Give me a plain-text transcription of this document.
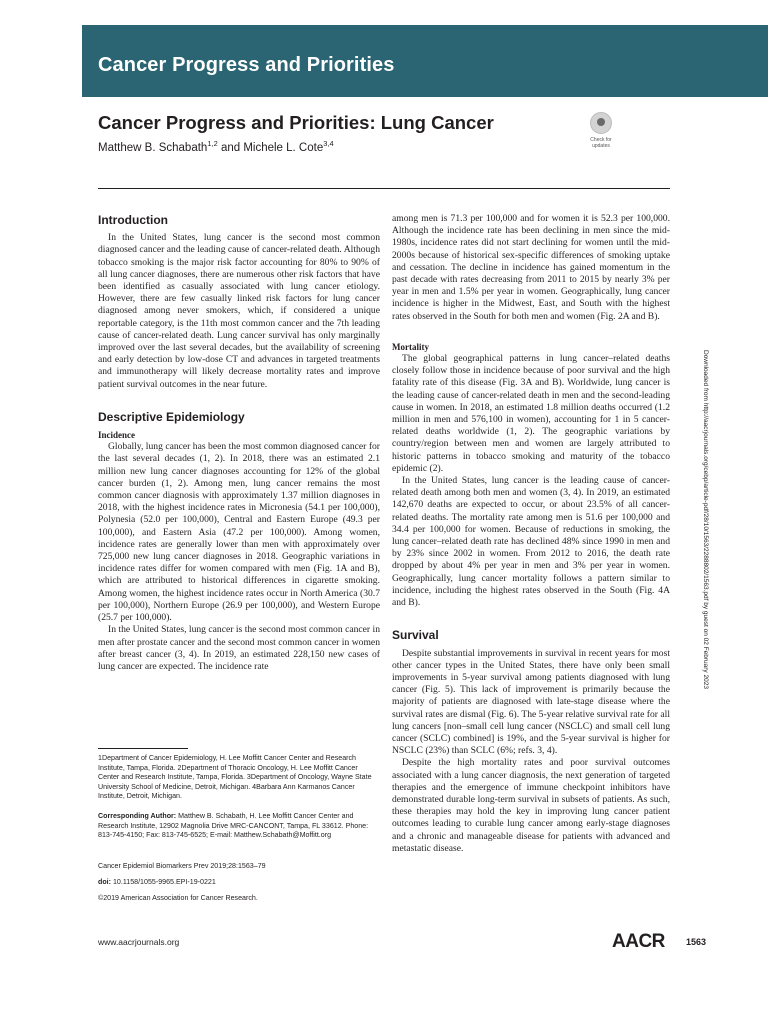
Cancer Progress and Priorities
Cancer Progress and Priorities: Lung Cancer
Matthew B. Schabath$^{1,2}$ and Michele L. Cote$^{3,4}$	Check for
updates
Introduction

In the United States, lung cancer is the second most common diagnosed cancer and the leading cause of cancer-related death. Although tobacco smoking is the major risk factor accounting for 80% to 90% of all lung cancer diagnoses, there are numerous other risk factors that have been identified as casually associated with lung cancer etiology. However, there are few casually linked risk factors for lung cancer diagnosed among never smokers, which, if considered a unique reportable category, is the 11th most common cancer and the 7th leading cause of cancer-related death. Lung cancer survival has only marginally improved over the last several decades, but the availability of screening and early detection by low-dose CT and advances in targeted treatments and immunotherapy will likely decrease mortality rates and improve patient survival outcomes in the near future.

Descriptive Epidemiology
Incidence

Globally, lung cancer has been the most common diagnosed cancer for the last several decades (1, 2). In 2018, there was an estimated 2.1 million new lung cancer diagnoses accounting for 12% of the global cancer burden (1, 2). Among men, lung cancer remains the most common cancer diagnosis with approximately 1.37 million diagnoses in 2018, with the highest incidence rates in Micronesia (54.1 per 100,000), Polynesia (52.0 per 100,000), Central and Eastern Europe (49.3 per 100,000), and Eastern Asia (47.2 per 100,000). Among women, incidence rates are generally lower than men with approximately over 725,000 new lung cancer diagnoses in 2018. Geographic variations in incidence rates differ for women compared with men (Fig. 1A and B), which are attributed to historical differences in cigarette smoking. Among women, the highest incidence rates occur in North America (30.7 per 100,000), Northern Europe (26.9 per 100,000), and Western Europe (25.7 per 100,000).

In the United States, lung cancer is the second most common cancer in men after prostate cancer and the second most common cancer in women after breast cancer (3, 4). In 2019, an estimated 228,150 new cases of lung cancer are expected. The incidence rate

1Department of Cancer Epidemiology, H. Lee Moffitt Cancer Center and Research Institute, Tampa, Florida. 2Department of Thoracic Oncology, H. Lee Moffitt Cancer Center and Research Institute, Tampa, Florida. 3Department of Oncology, Wayne State University School of Medicine, Detroit, Michigan. 4Barbara Ann Karmanos Cancer Institute, Detroit, Michigan.
Corresponding Author: Matthew B. Schabath, H. Lee Moffitt Cancer Center and Research Institute, 12902 Magnolia Drive MRC-CANCONT, Tampa, FL 33612. Phone: 813-745-4150; Fax: 813-745-6525; E-mail: Matthew.Schabath@Moffitt.org
Cancer Epidemiol Biomarkers Prev 2019;28:1563–79
doi: 10.1158/1055-9965.EPI-19-0221
©2019 American Association for Cancer Research.

among men is 71.3 per 100,000 and for women it is 52.3 per 100,000. Although the incidence rate has been declining in men since the mid-1980s, incidence rates did not start declining for women until the mid-2000s because of historical sex-specific differences of smoking uptake and cessation. The decline in incidence has gained momentum in the past decade with rates decreasing from 2011 to 2015 by nearly 3% per year in men and 1.5% per year in women. Geographically, lung cancer incidence is higher in the Midwest, East, and South with the highest rates observed in the South for both men and women (Fig. 2A and B).

Mortality

The global geographical patterns in lung cancer–related deaths closely follow those in incidence because of poor survival and the high fatality rate of this disease (Fig. 3A and B). Worldwide, lung cancer is the leading cause of cancer-related death in men and the second-leading cause in women. In 2018, an estimated 1.8 million deaths occurred (1.2 million in men and 576,100 in women), accounting for 1 in 5 cancer-related deaths worldwide (1, 2). The geographic variations by country/region between men and women are largely attributed to historic patterns in tobacco smoking and maturity of the tobacco epidemic (2).

In the United States, lung cancer is the leading cause of cancer-related death among both men and women (3, 4). In 2019, an estimated 142,670 deaths are expected to occur, or about 23.5% of all cancer-related deaths. The mortality rate among men is 51.6 per 100,000 and 34.4 per 100,000 for women. Because of reductions in smoking, the lung cancer–related death rate has declined 48% since 1990 in men and by 23% since 2002 in women. From 2012 to 2016, the death rate dropped by about 4% per year in men and 3% per year in women. Geographically, lung cancer mortality follows a pattern similar to incidence, including the highest rates observed in the South (Fig. 4A and B).

Survival

Despite substantial improvements in survival in recent years for most other cancer types in the United States, there have only been small improvements in 5-year survival among patients diagnosed with lung cancer (Fig. 5). This lack of improvement is primarily because the majority of patients are diagnosed with late-stage disease where the survival rates are dismal (Fig. 6). The 5-year relative survival rate for all lung cancers [non–small cell lung cancer (NSCLC) and small cell lung cancer (SCLC) combined] is 19%, and the 5-year survival is higher for NSCLC (23%) than SCLC (6%; refs. 3, 4).

Despite the high mortality rates and poor survival outcomes associated with a lung cancer diagnosis, the next generation of targeted therapies and the emergence of immune checkpoint inhibitors have demonstrated durable long-term survival in subsets of patients. As such, these therapies may hold the key in improving lung cancer patient outcomes leading to curable lung cancer among early-stage diagnoses and a chronic and manageable disease for patients with advanced and metastatic disease.

Downloaded from http://aacrjournals.org/cebp/article-pdf/28/10/1563/2288802/1563.pdf by guest on 02 February 2023
www.aacrjournals.org	AACR 1563
